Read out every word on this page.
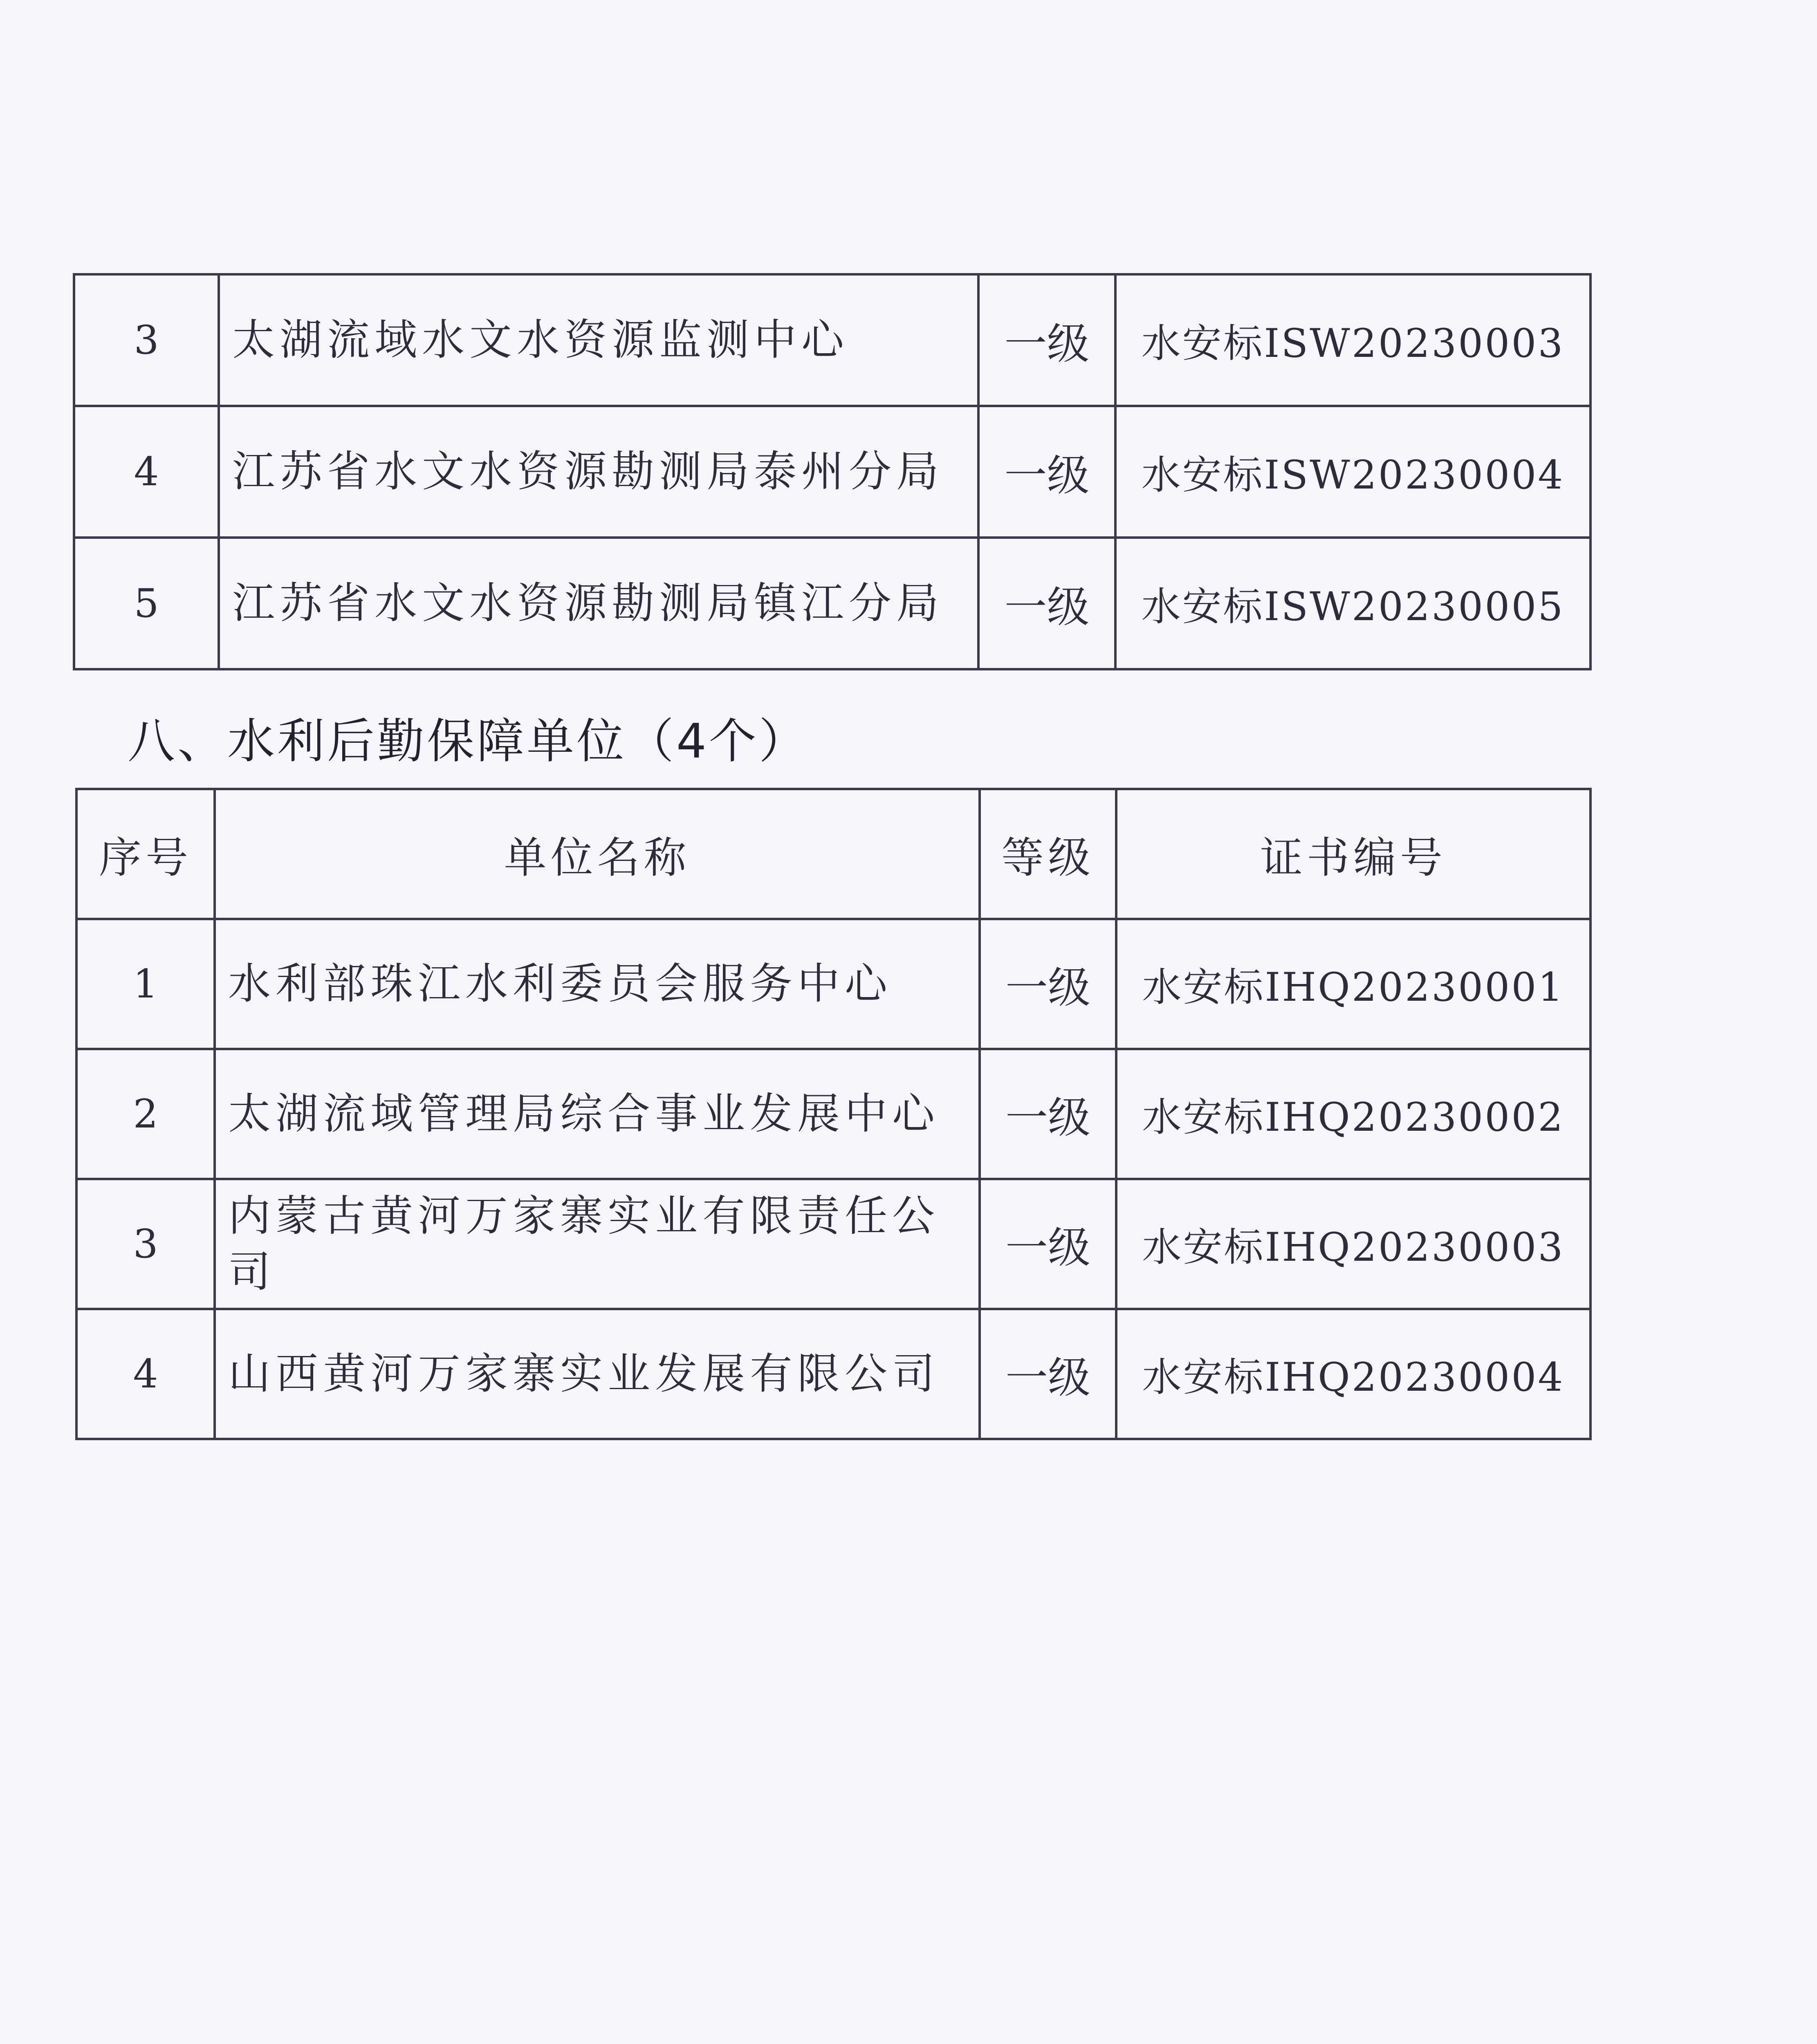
3	太湖流域水文水资源监测中心	一级	水安标ⅠSW20230003
4	江苏省水文水资源勘测局泰州分局	一级	水安标ⅠSW20230004
5	江苏省水文水资源勘测局镇江分局	一级	水安标ⅠSW20230005
八、水利后勤保障单位（4个）
序号	单位名称	等级	证书编号
1	水利部珠江水利委员会服务中心	一级	水安标ⅠHQ20230001
2	太湖流域管理局综合事业发展中心	一级	水安标ⅠHQ20230002
3	内蒙古黄河万家寨实业有限责任公司	一级	水安标ⅠHQ20230003
4	山西黄河万家寨实业发展有限公司	一级	水安标ⅠHQ20230004
